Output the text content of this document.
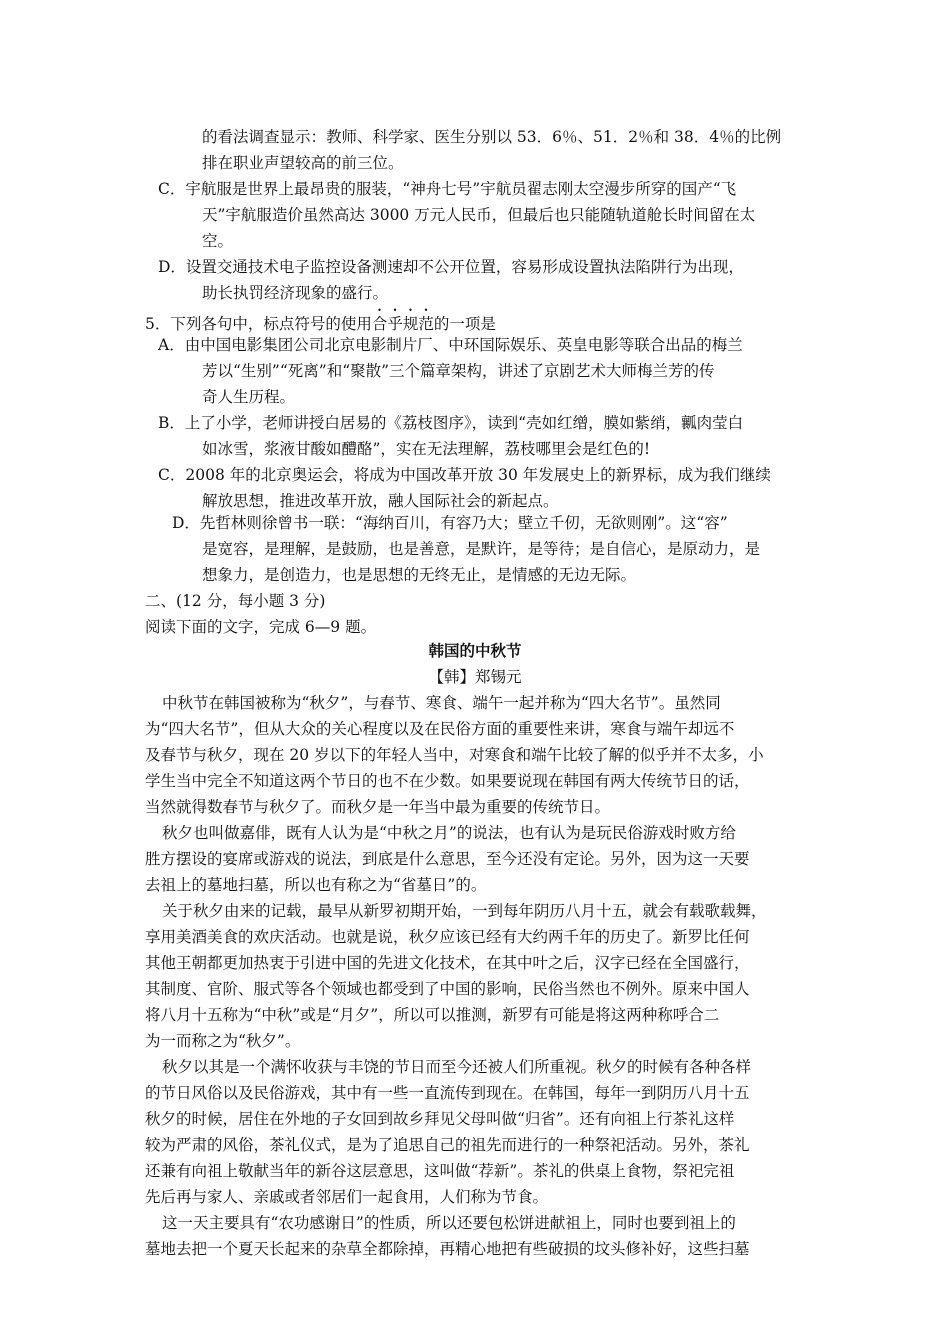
的看法调查显示：教师、科学家、医生分别以 53．6％、51．2％和 38．4％的比例
排在职业声望较高的前三位。
C．宇航服是世界上最昂贵的服装，“神舟七号”宇航员翟志刚太空漫步所穿的国产“飞
天”宇航服造价虽然高达 3000 万元人民币，但最后也只能随轨道舱长时间留在太
空。
D．设置交通技术电子监控设备测速却不公开位置，容易形成设置执法陷阱行为出现，
助长执罚经济现象的盛行。
5．下列各句中，标点符号的使用合乎规范的一项是
A．由中国电影集团公司北京电影制片厂、中环国际娱乐、英皇电影等联合出品的梅兰
芳以“生别”“死离”和“聚散”三个篇章架构，讲述了京剧艺术大师梅兰芳的传
奇人生历程。
B．上了小学，老师讲授白居易的《荔枝图序》，读到“壳如红缯，膜如紫绡，瓤肉莹白
如冰雪，浆液甘酸如醴酪”，实在无法理解，荔枝哪里会是红色的!
C．2008 年的北京奥运会，将成为中国改革开放 30 年发展史上的新界标，成为我们继续
解放思想，推进改革开放，融人国际社会的新起点。
D．先哲林则徐曾书一联：“海纳百川，有容乃大；壁立千仞，无欲则刚”。这“容”
是宽容，是理解，是鼓励，也是善意，是默许，是等待；是自信心，是原动力，是
想象力，是创造力，也是思想的无终无止，是情感的无边无际。
二、(12 分，每小题 3 分)
阅读下面的文字，完成 6—9 题。
韩国的中秋节
【韩】郑锡元
中秋节在韩国被称为“秋夕”，与春节、寒食、端午一起并称为“四大名节”。虽然同
为“四大名节”，但从大众的关心程度以及在民俗方面的重要性来讲，寒食与端午却远不
及春节与秋夕，现在 20 岁以下的年轻人当中，对寒食和端午比较了解的似乎并不太多，小
学生当中完全不知道这两个节日的也不在少数。如果要说现在韩国有两大传统节日的话，
当然就得数春节与秋夕了。而秋夕是一年当中最为重要的传统节日。
秋夕也叫做嘉俳，既有人认为是“中秋之月”的说法，也有认为是玩民俗游戏时败方给
胜方摆设的宴席或游戏的说法，到底是什么意思，至今还没有定论。另外，因为这一天要
去祖上的墓地扫墓，所以也有称之为“省墓日”的。
关于秋夕由来的记载，最早从新罗初期开始，一到每年阴历八月十五，就会有载歌载舞，
享用美酒美食的欢庆活动。也就是说，秋夕应该已经有大约两千年的历史了。新罗比任何
其他王朝都更加热衷于引进中国的先进文化技术，在其中叶之后，汉字已经在全国盛行，
其制度、官阶、服式等各个领域也都受到了中国的影响，民俗当然也不例外。原来中国人
将八月十五称为“中秋”或是“月夕”，所以可以推测，新罗有可能是将这两种称呼合二
为一而称之为“秋夕”。
秋夕以其是一个满怀收获与丰饶的节日而至今还被人们所重视。秋夕的时候有各种各样
的节日风俗以及民俗游戏，其中有一些一直流传到现在。在韩国，每年一到阴历八月十五
秋夕的时候，居住在外地的子女回到故乡拜见父母叫做“归省”。还有向祖上行茶礼这样
较为严肃的风俗，茶礼仪式，是为了追思自己的祖先而进行的一种祭祀活动。另外，茶礼
还兼有向祖上敬献当年的新谷这层意思，这叫做“荐新”。茶礼的供桌上食物，祭祀完祖
先后再与家人、亲戚或者邻居们一起食用，人们称为节食。
这一天主要具有“农功感谢日”的性质，所以还要包松饼进献祖上，同时也要到祖上的
墓地去把一个夏天长起来的杂草全都除掉，再精心地把有些破损的坟头修补好，这些扫墓
